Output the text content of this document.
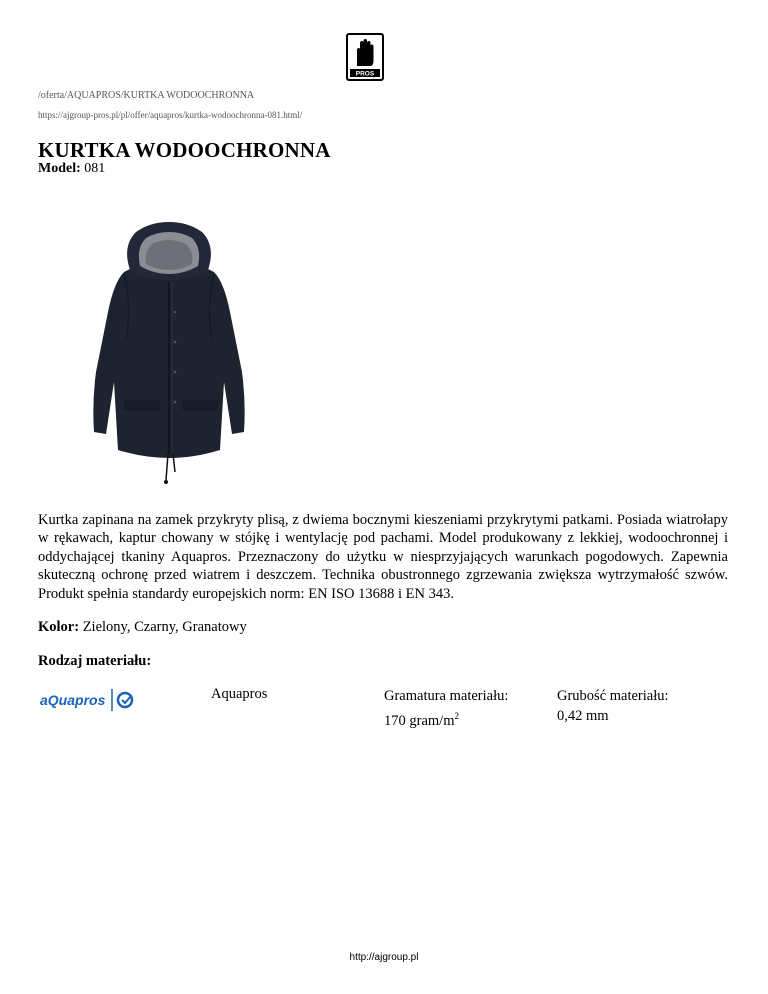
PROS
/oferta/AQUAPROS/KURTKA WODOOCHRONNA
https://ajgroup-pros.pl/pl/offer/aquapros/kurtka-wodoochronna-081.html/
KURTKA WODOOCHRONNA
Model: 081

Kurtka zapinana na zamek przykryty plisą, z dwiema bocznymi kieszeniami przykrytymi patkami. Posiada wiatrołapy w rękawach, kaptur chowany w stójkę i wentylację pod pachami. Model produkowany z lekkiej, wodoochronnej i oddychającej tkaniny Aquapros. Przeznaczony do użytku w niesprzyjających warunkach pogodowych. Zapewnia skuteczną ochronę przed wiatrem i deszczem. Technika obustronnego zgrzewania zwiększa wytrzymałość szwów. Produkt spełnia standardy europejskich norm: EN ISO 13688 i EN 343.

Kolor: Zielony, Czarny, Granatowy
Rodzaj materiału:
aQuapros	Aquapros	Gramatura materiału:
170 gram/$m^2$
Grubość materiału:
0,42 mm
http://ajgroup.pl
